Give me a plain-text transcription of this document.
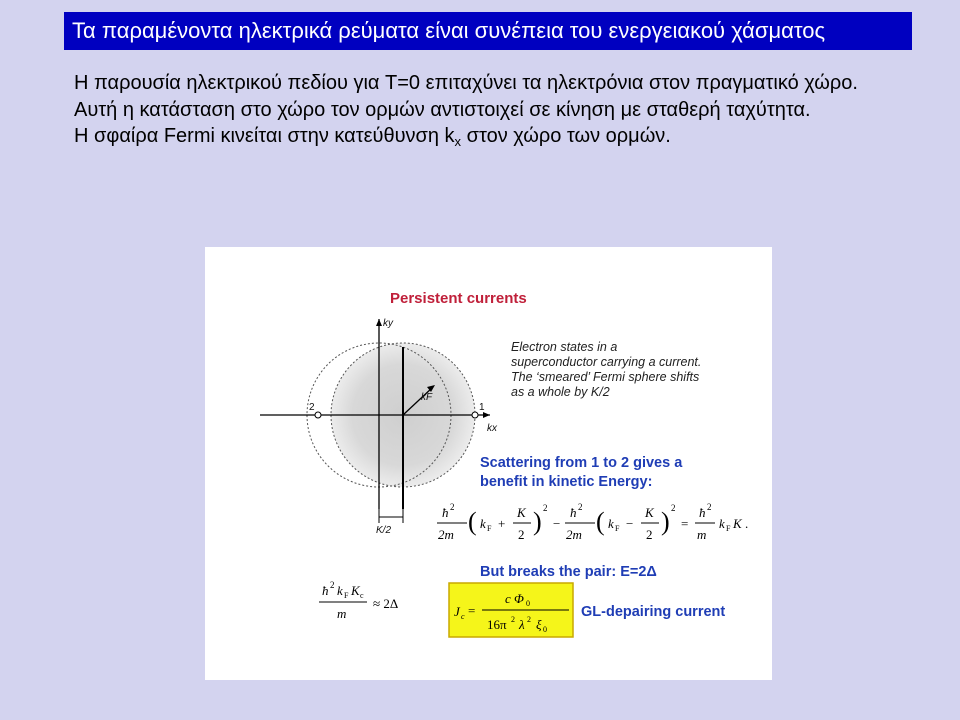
Τα παραμένοντα ηλεκτρικά ρεύματα είναι συνέπεια του ενεργειακού χάσματος

Η παρουσία ηλεκτρικού πεδίου για T=0 επιταχύνει τα ηλεκτρόνια στον πραγματικό χώρο.

Αυτή η κατάσταση στο χώρο τον ορμών αντιστοιχεί σε κίνηση με σταθερή ταχύτητα.

Η σφαίρα Fermi κινείται στην κατεύθυνση $k_x$ στον χώρο των ορμών.

Persistent currents
2	1
ky
kx
kF
K/2
Electron states in a
superconductor carrying a current.
The ‘smeared’ Fermi sphere shifts
as a whole by K/2
Scattering from 1 to 2 gives a
benefit in kinetic Energy:
ħ 2
2m ( k F +
K
2 ) 2
−
ħ 2
2m ( k F −
K
2 ) 2
=
ħ 2
m
k F K .
But breaks the pair: E=2Δ
ħ 2 k F K c
m
≈ 2Δ
J c =
c Φ 0
16π 2 λ 2 ξ 0
GL-depairing current
